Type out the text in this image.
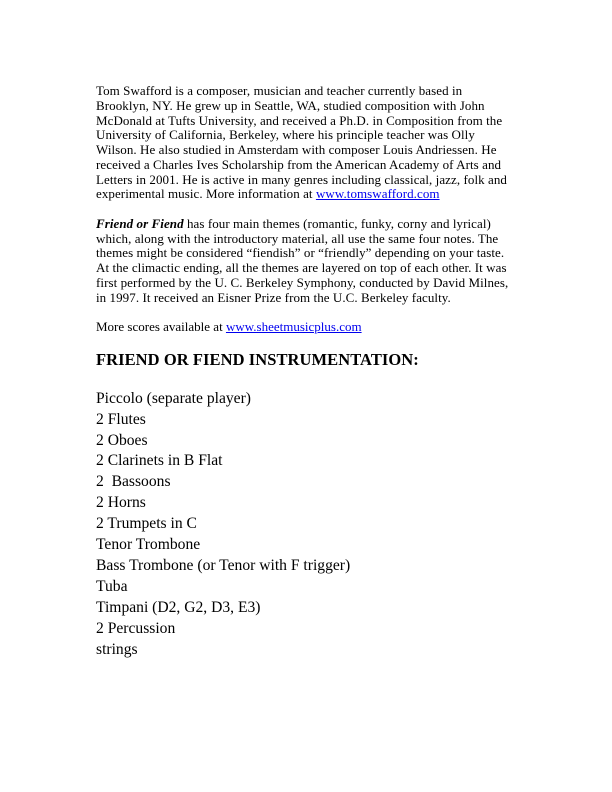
Tom Swafford is a composer, musician and teacher currently based in Brooklyn, NY. He grew up in Seattle, WA, studied composition with John McDonald at Tufts University, and received a Ph.D. in Composition from the University of California, Berkeley, where his principle teacher was Olly Wilson. He also studied in Amsterdam with composer Louis Andriessen. He received a Charles Ives Scholarship from the American Academy of Arts and Letters in 2001. He is active in many genres including classical, jazz, folk and experimental music. More information at www.tomswafford.com

Friend or Fiend has four main themes (romantic, funky, corny and lyrical) which, along with the introductory material, all use the same four notes. The themes might be considered “fiendish” or “friendly” depending on your taste. At the climactic ending, all the themes are layered on top of each other. It was first performed by the U. C. Berkeley Symphony, conducted by David Milnes, in 1997. It received an Eisner Prize from the U.C. Berkeley faculty.

More scores available at www.sheetmusicplus.com

FRIEND OR FIEND INSTRUMENTATION:
Piccolo (separate player)
2 Flutes
2 Oboes
2 Clarinets in B Flat
2  Bassoons
2 Horns
2 Trumpets in C
Tenor Trombone
Bass Trombone (or Tenor with F trigger)
Tuba
Timpani (D2, G2, D3, E3)
2 Percussion
strings
